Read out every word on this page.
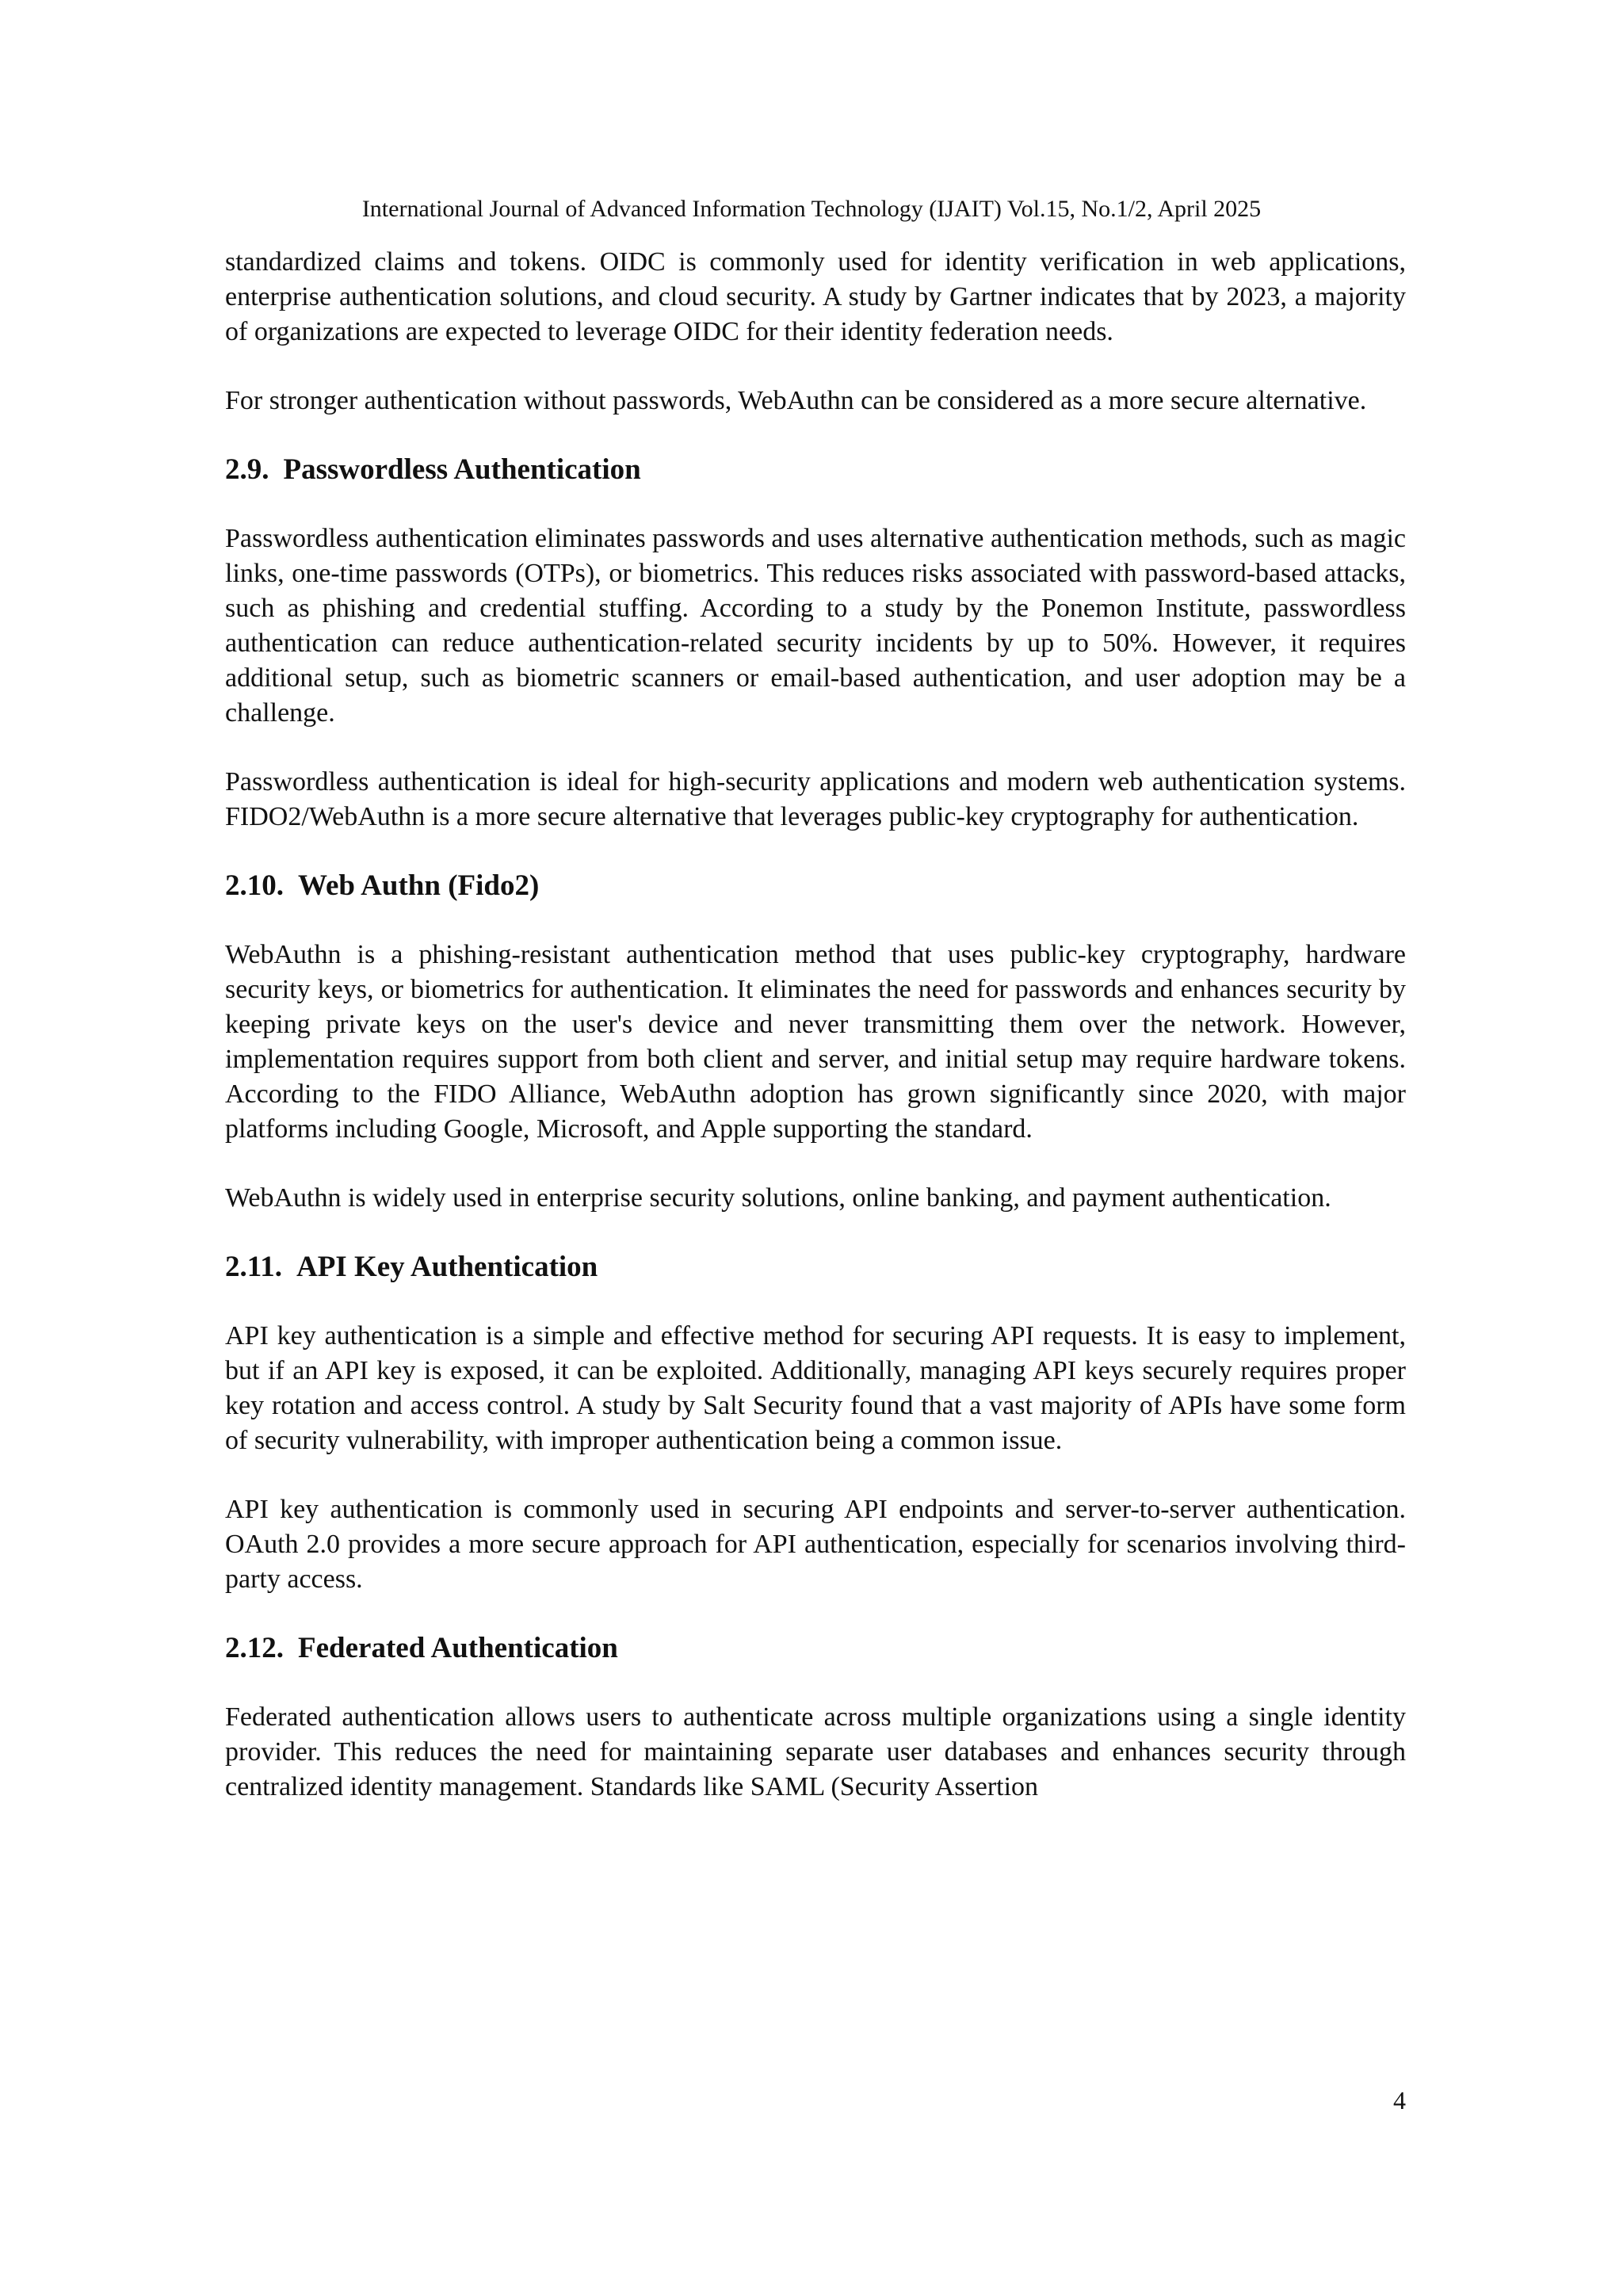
International Journal of Advanced Information Technology (IJAIT) Vol.15, No.1/2, April 2025

standardized claims and tokens. OIDC is commonly used for identity verification in web applications, enterprise authentication solutions, and cloud security. A study by Gartner indicates that by 2023, a majority of organizations are expected to leverage OIDC for their identity federation needs.

For stronger authentication without passwords, WebAuthn can be considered as a more secure alternative.

2.9. Passwordless Authentication

Passwordless authentication eliminates passwords and uses alternative authentication methods, such as magic links, one-time passwords (OTPs), or biometrics. This reduces risks associated with password-based attacks, such as phishing and credential stuffing. According to a study by the Ponemon Institute, passwordless authentication can reduce authentication-related security incidents by up to 50%. However, it requires additional setup, such as biometric scanners or email-based authentication, and user adoption may be a challenge.

Passwordless authentication is ideal for high-security applications and modern web authentication systems. FIDO2/WebAuthn is a more secure alternative that leverages public-key cryptography for authentication.

2.10. Web Authn (Fido2)

WebAuthn is a phishing-resistant authentication method that uses public-key cryptography, hardware security keys, or biometrics for authentication. It eliminates the need for passwords and enhances security by keeping private keys on the user's device and never transmitting them over the network. However, implementation requires support from both client and server, and initial setup may require hardware tokens. According to the FIDO Alliance, WebAuthn adoption has grown significantly since 2020, with major platforms including Google, Microsoft, and Apple supporting the standard.

WebAuthn is widely used in enterprise security solutions, online banking, and payment authentication.

2.11. API Key Authentication

API key authentication is a simple and effective method for securing API requests. It is easy to implement, but if an API key is exposed, it can be exploited. Additionally, managing API keys securely requires proper key rotation and access control. A study by Salt Security found that a vast majority of APIs have some form of security vulnerability, with improper authentication being a common issue.

API key authentication is commonly used in securing API endpoints and server-to-server authentication. OAuth 2.0 provides a more secure approach for API authentication, especially for scenarios involving third-party access.

2.12. Federated Authentication

Federated authentication allows users to authenticate across multiple organizations using a single identity provider. This reduces the need for maintaining separate user databases and enhances security through centralized identity management. Standards like SAML (Security Assertion

4
